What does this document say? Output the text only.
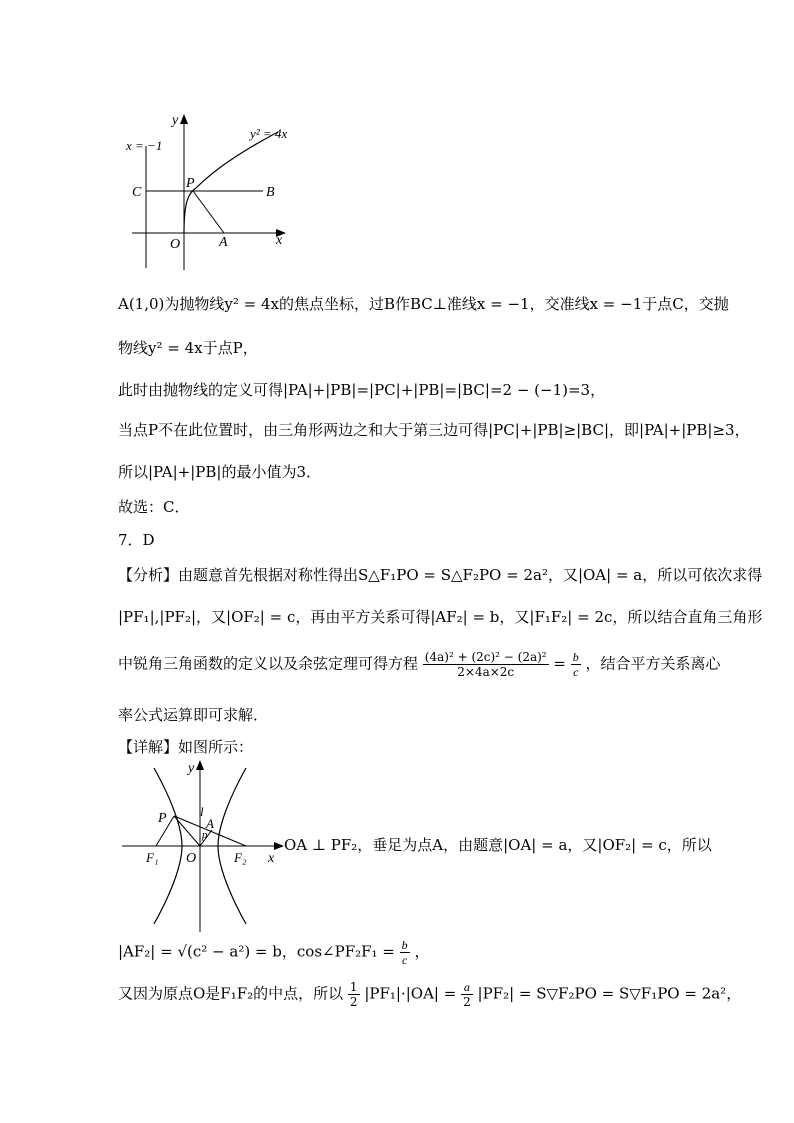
y
x
O	A
P
B
C
x = −1
y² = 4x
A(1,0)为抛物线y² = 4x的焦点坐标，过B作BC⊥准线x = −1，交准线x = −1于点C，交抛
物线y² = 4x于点P，
此时由抛物线的定义可得|PA|+|PB|=|PC|+|PB|=|BC|=2 − (−1)=3，
当点P不在此位置时，由三角形两边之和大于第三边可得|PC|+|PB|≥|BC|，即|PA|+|PB|≥3，
所以|PA|+|PB|的最小值为3．
故选：C．
7．D
【分析】由题意首先根据对称性得出S△F₁PO = S△F₂PO = 2a²，又|OA| = a，所以可依次求得
|PF₁|,|PF₂|，又|OF₂| = c，再由平方关系可得|AF₂| = b，又|F₁F₂| = 2c，所以结合直角三角形
中锐角三角函数的定义以及余弦定理可得方程 $\frac{\text{(4a)² + (2c)² − (2a)²}}{2\times 4a\times 2c} = \frac{b}{c}$ ，结合平方关系离心
率公式运算即可求解．
【详解】如图所示：
y
x
O
P	A
l
p
F₁	F₂
OA ⊥ PF₂，垂足为点A，由题意|OA| = a，又|OF₂| = c，所以
|AF₂| = √(c² − a²) = b，cos∠PF₂F₁ = $\frac{b}{c}$ ，
又因为原点O是F₁F₂的中点，所以 $\frac{1}{2} |PF_1|\cdot|OA| = \frac{a}{2} |PF_2|$ = S▽F₂PO = S▽F₁PO = 2a²，
